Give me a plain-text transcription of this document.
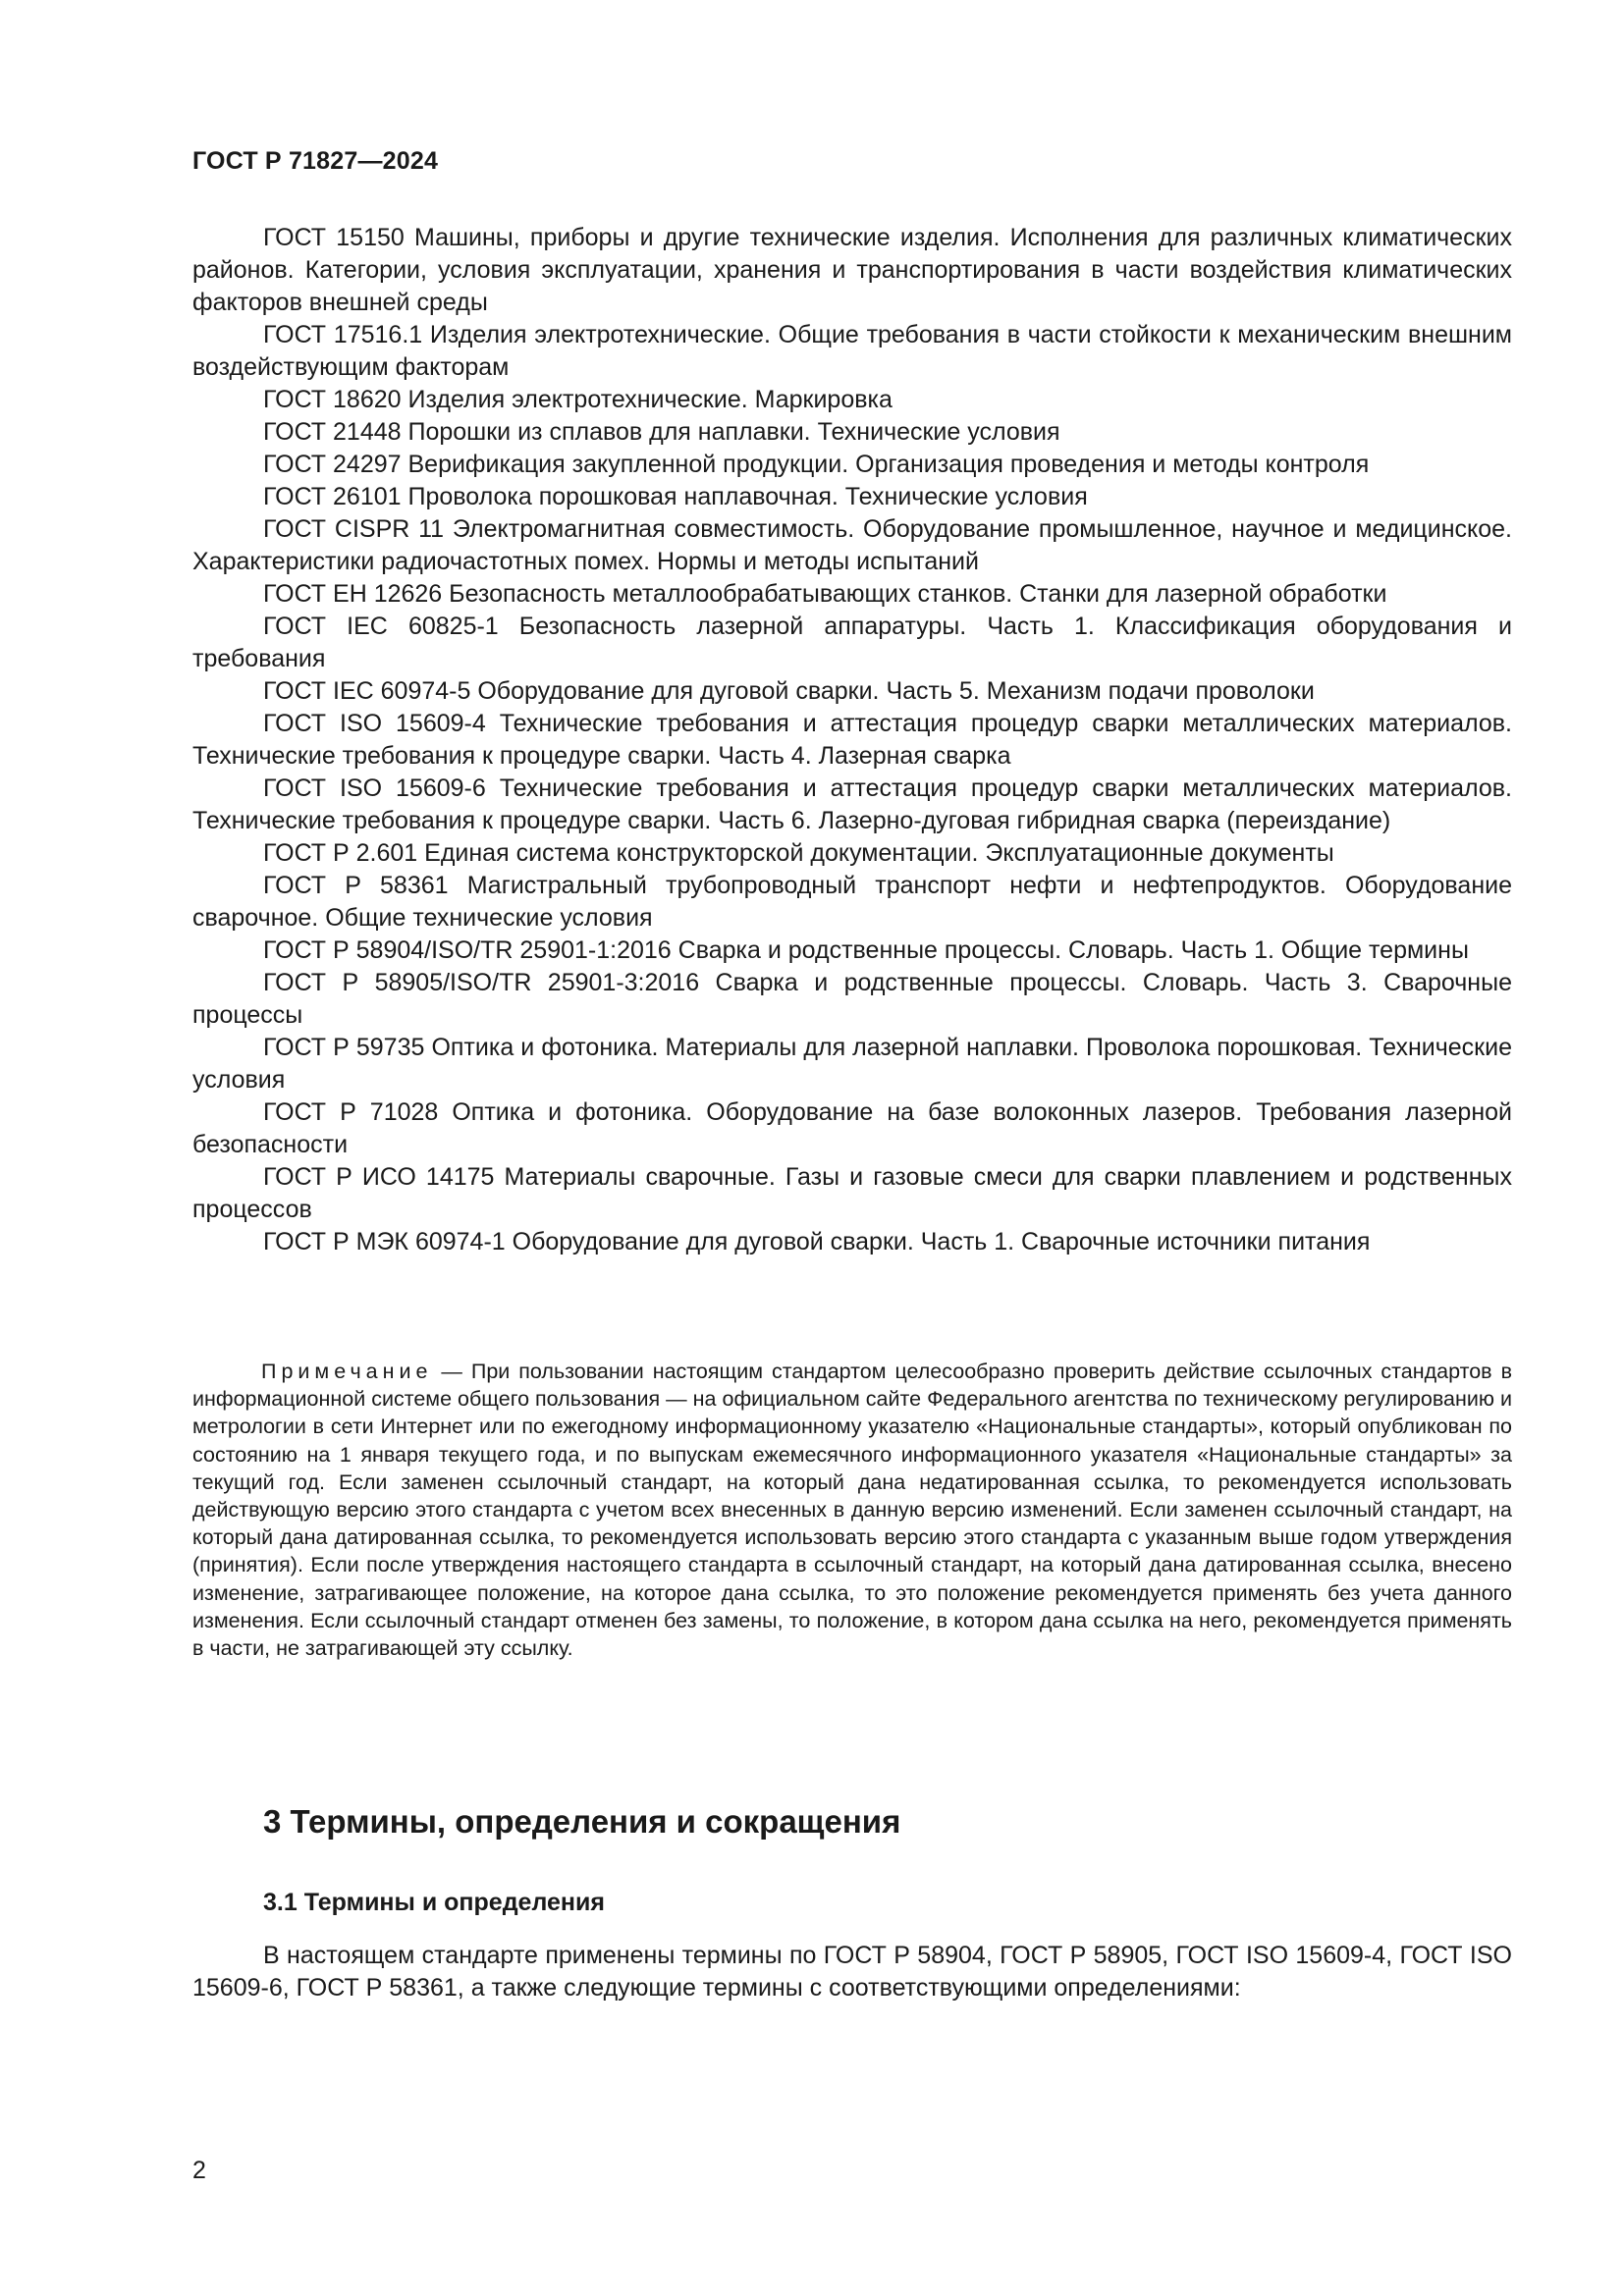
ГОСТ Р 71827—2024

ГОСТ 15150 Машины, приборы и другие технические изделия. Исполнения для различных климатических районов. Категории, условия эксплуатации, хранения и транспортирования в части воздействия климатических факторов внешней среды

ГОСТ 17516.1 Изделия электротехнические. Общие требования в части стойкости к механическим внешним воздействующим факторам

ГОСТ 18620 Изделия электротехнические. Маркировка

ГОСТ 21448 Порошки из сплавов для наплавки. Технические условия

ГОСТ 24297 Верификация закупленной продукции. Организация проведения и методы контроля

ГОСТ 26101 Проволока порошковая наплавочная. Технические условия

ГОСТ CISPR 11 Электромагнитная совместимость. Оборудование промышленное, научное и медицинское. Характеристики радиочастотных помех. Нормы и методы испытаний

ГОСТ ЕН 12626 Безопасность металлообрабатывающих станков. Станки для лазерной обработки

ГОСТ IEC 60825-1 Безопасность лазерной аппаратуры. Часть 1. Классификация оборудования и требования

ГОСТ IEC 60974-5 Оборудование для дуговой сварки. Часть 5. Механизм подачи проволоки

ГОСТ ISO 15609-4 Технические требования и аттестация процедур сварки металлических материалов. Технические требования к процедуре сварки. Часть 4. Лазерная сварка

ГОСТ ISO 15609-6 Технические требования и аттестация процедур сварки металлических материалов. Технические требования к процедуре сварки. Часть 6. Лазерно-дуговая гибридная сварка (переиздание)

ГОСТ Р 2.601 Единая система конструкторской документации. Эксплуатационные документы

ГОСТ Р 58361 Магистральный трубопроводный транспорт нефти и нефтепродуктов. Оборудование сварочное. Общие технические условия

ГОСТ Р 58904/ISO/TR 25901-1:2016 Сварка и родственные процессы. Словарь. Часть 1. Общие термины

ГОСТ Р 58905/ISO/TR 25901-3:2016 Сварка и родственные процессы. Словарь. Часть 3. Сварочные процессы

ГОСТ Р 59735 Оптика и фотоника. Материалы для лазерной наплавки. Проволока порошковая. Технические условия

ГОСТ Р 71028 Оптика и фотоника. Оборудование на базе волоконных лазеров. Требования лазерной безопасности

ГОСТ Р ИСО 14175 Материалы сварочные. Газы и газовые смеси для сварки плавлением и родственных процессов

ГОСТ Р МЭК 60974-1 Оборудование для дуговой сварки. Часть 1. Сварочные источники питания

Примечание — При пользовании настоящим стандартом целесообразно проверить действие ссылочных стандартов в информационной системе общего пользования — на официальном сайте Федерального агентства по техническому регулированию и метрологии в сети Интернет или по ежегодному информационному указателю «Национальные стандарты», который опубликован по состоянию на 1 января текущего года, и по выпускам ежемесячного информационного указателя «Национальные стандарты» за текущий год. Если заменен ссылочный стандарт, на который дана недатированная ссылка, то рекомендуется использовать действующую версию этого стандарта с учетом всех внесенных в данную версию изменений. Если заменен ссылочный стандарт, на который дана датированная ссылка, то рекомендуется использовать версию этого стандарта с указанным выше годом утверждения (принятия). Если после утверждения настоящего стандарта в ссылочный стандарт, на который дана датированная ссылка, внесено изменение, затрагивающее положение, на которое дана ссылка, то это положение рекомендуется применять без учета данного изменения. Если ссылочный стандарт отменен без замены, то положение, в котором дана ссылка на него, рекомендуется применять в части, не затрагивающей эту ссылку.

3 Термины, определения и сокращения
3.1 Термины и определения

В настоящем стандарте применены термины по ГОСТ Р 58904, ГОСТ Р 58905, ГОСТ ISO 15609-4, ГОСТ ISO 15609-6, ГОСТ Р 58361, а также следующие термины с соответствующими определениями:

2
